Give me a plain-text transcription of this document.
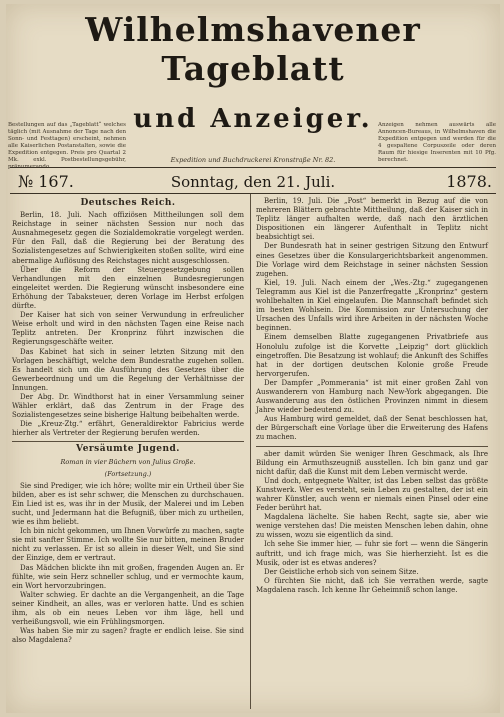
Wilhelmshavener Tageblatt
und Anzeiger.
Bestellungen auf das „Tageblatt“ welches täglich (mit Ausnahme der Tage nach den Sonn- und Festtagen) erscheint, nehmen alle Kaiserlichen Postanstalten, sowie die Expedition entgegen. Preis pro Quartal 2 Mk. exkl. Postbestellungsgebühr, pränumerando.
Anzeigen nehmen auswärts alle Annoncen-Bureaus, in Wilhelmshaven die Expedition entgegen und werden für die 4 gespaltene Corpuszeile oder deren Raum für hiesige Inserenten mit 10 Pfg. berechnet.
Expedition und Buchdruckerei Kronstraße Nr. 82.
№ 167.	Sonntag, den 21. Juli.	1878.
Deutsches Reich.

Berlin, 18. Juli. Nach offiziösen Mittheilungen soll dem Reichstage in seiner nächsten Session nur noch das Ausnahmegesetz gegen die Sozialdemokratie vorgelegt werden. Für den Fall, daß die Regierung bei der Beratung des Sozialistengesetzes auf Schwierigkeiten stoßen sollte, wird eine abermalige Auflösung des Reichstages nicht ausgeschlossen.

Über die Reform der Steuergesetzgebung sollen Verhandlungen mit den einzelnen Bundesregierungen eingeleitet werden. Die Regierung wünscht insbesondere eine Erhöhung der Tabaksteuer, deren Vorlage im Herbst erfolgen dürfte.

Der Kaiser hat sich von seiner Verwundung in erfreulicher Weise erholt und wird in den nächsten Tagen eine Reise nach Teplitz antreten. Der Kronprinz führt inzwischen die Regierungsgeschäfte weiter.

Das Kabinet hat sich in seiner letzten Sitzung mit den Vorlagen beschäftigt, welche dem Bundesrathe zugehen sollen. Es handelt sich um die Ausführung des Gesetzes über die Gewerbeordnung und um die Regelung der Verhältnisse der Innungen.

Der Abg. Dr. Windthorst hat in einer Versammlung seiner Wähler erklärt, daß das Zentrum in der Frage des Sozialistengesetzes seine bisherige Haltung beibehalten werde.

Die „Kreuz-Ztg.“ erfährt, Generaldirektor Fabricius werde hierher als Vertreter der Regierung berufen werden.

Versäumte Jugend.
Roman in vier Büchern von Julius Große.
(Fortsetzung.)

Sie sind Prediger, wie ich höre; wollte mir ein Urtheil über Sie bilden, aber es ist sehr schwer, die Menschen zu durchschauen. Ein Lied ist es, was ihr in der Musik, der Malerei und im Leben sucht, und Jedermann hat die Befugniß, über mich zu urtheilen, wie es ihm beliebt.

Ich bin nicht gekommen, um Ihnen Vorwürfe zu machen, sagte sie mit sanfter Stimme. Ich wollte Sie nur bitten, meinen Bruder nicht zu verlassen. Er ist so allein in dieser Welt, und Sie sind der Einzige, dem er vertraut.

Das Mädchen blickte ihn mit großen, fragenden Augen an. Er fühlte, wie sein Herz schneller schlug, und er vermochte kaum, ein Wort hervorzubringen.

Walter schwieg. Er dachte an die Vergangenheit, an die Tage seiner Kindheit, an alles, was er verloren hatte. Und es schien ihm, als ob ein neues Leben vor ihm läge, hell und verheißungsvoll, wie ein Frühlingsmorgen.

Was haben Sie mir zu sagen? fragte er endlich leise. Sie sind also Magdalena?

Berlin, 19. Juli. Die „Post“ bemerkt in Bezug auf die von mehreren Blättern gebrachte Mittheilung, daß der Kaiser sich in Teplitz länger aufhalten werde, daß nach den ärztlichen Dispositionen ein längerer Aufenthalt in Teplitz nicht beabsichtigt sei.

Der Bundesrath hat in seiner gestrigen Sitzung den Entwurf eines Gesetzes über die Konsulargerichtsbarkeit angenommen. Die Vorlage wird dem Reichstage in seiner nächsten Session zugehen.

Kiel, 19. Juli. Nach einem der „Wes.-Ztg.“ zugegangenen Telegramm aus Kiel ist die Panzerfregatte „Kronprinz“ gestern wohlbehalten in Kiel eingelaufen. Die Mannschaft befindet sich im besten Wohlsein. Die Kommission zur Untersuchung der Ursachen des Unfalls wird ihre Arbeiten in der nächsten Woche beginnen.

Einem demselben Blatte zugegangenen Privatbriefe aus Honolulu zufolge ist die Korvette „Leipzig“ dort glücklich eingetroffen. Die Besatzung ist wohlauf; die Ankunft des Schiffes hat in der dortigen deutschen Kolonie große Freude hervorgerufen.

Der Dampfer „Pommerania“ ist mit einer großen Zahl von Auswanderern von Hamburg nach New-York abgegangen. Die Auswanderung aus den östlichen Provinzen nimmt in diesem Jahre wieder bedeutend zu.

Aus Hamburg wird gemeldet, daß der Senat beschlossen hat, der Bürgerschaft eine Vorlage über die Erweiterung des Hafens zu machen.

aber damit würden Sie weniger Ihren Geschmack, als Ihre Bildung ein Armuthszeugniß ausstellen. Ich bin ganz und gar nicht dafür, daß die Kunst mit dem Leben vermischt werde.

Und doch, entgegnete Walter, ist das Leben selbst das größte Kunstwerk. Wer es versteht, sein Leben zu gestalten, der ist ein wahrer Künstler, auch wenn er niemals einen Pinsel oder eine Feder berührt hat.

Magdalena lächelte. Sie haben Recht, sagte sie, aber wie wenige verstehen das! Die meisten Menschen leben dahin, ohne zu wissen, wozu sie eigentlich da sind.

Ich sehe Sie immer hier, — fuhr sie fort — wenn die Sängerin auftritt, und ich frage mich, was Sie hierherzieht. Ist es die Musik, oder ist es etwas anderes?

Der Geistliche erhob sich von seinem Sitze.

O fürchten Sie nicht, daß ich Sie verrathen werde, sagte Magdalena rasch. Ich kenne Ihr Geheimniß schon lange.
